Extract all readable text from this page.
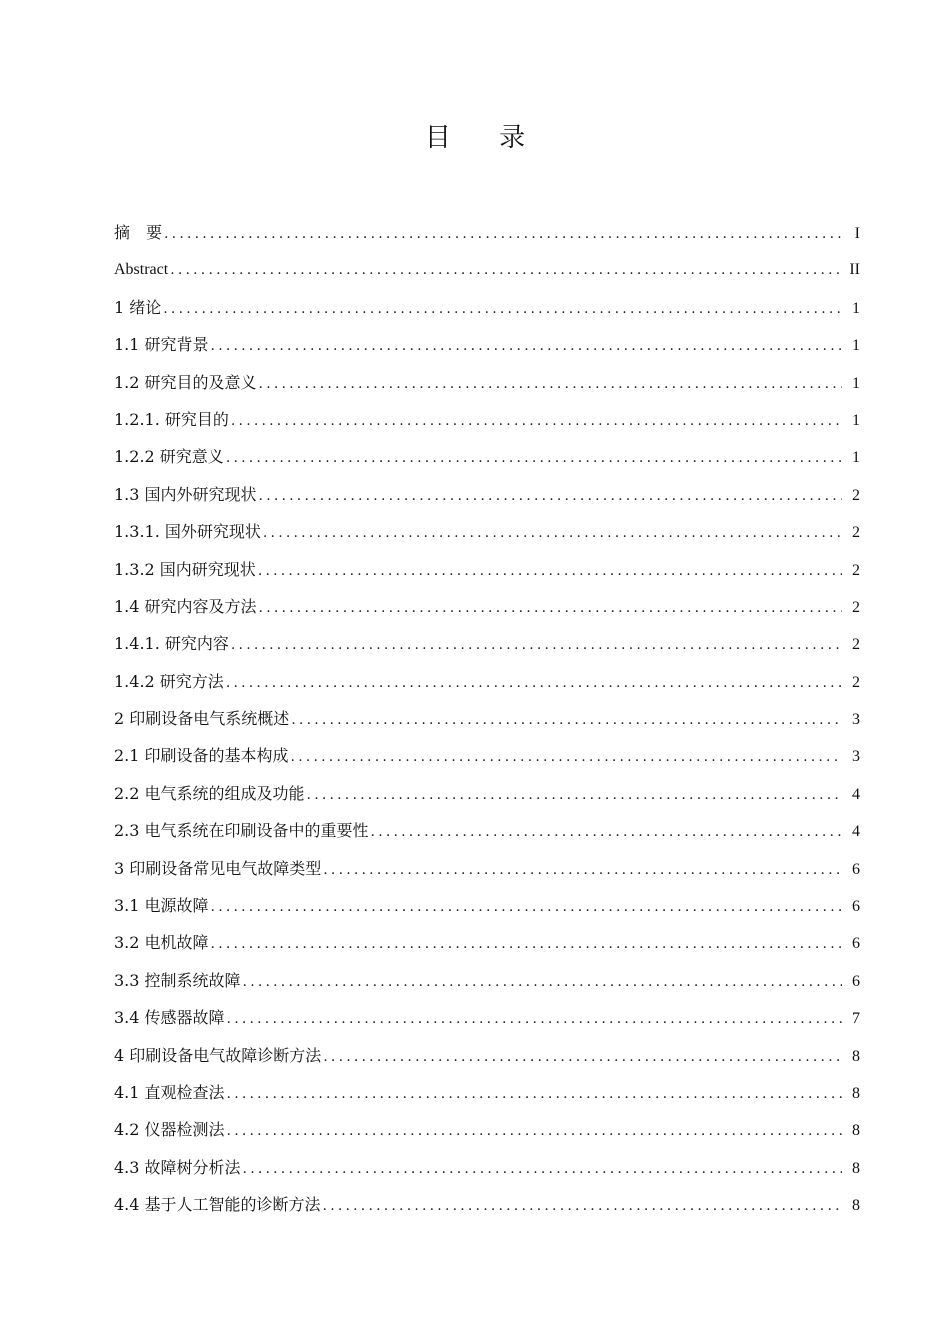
目 录
摘　要 .....	I
Abstract .....	II
1 绪论 .....	1
1.1 研究背景 .....	1
1.2 研究目的及意义 .....	1
1.2.1. 研究目的 .....	1
1.2.2 研究意义 .....	1
1.3 国内外研究现状 .....	2
1.3.1. 国外研究现状 .....	2
1.3.2 国内研究现状 .....	2
1.4 研究内容及方法 .....	2
1.4.1. 研究内容 .....	2
1.4.2 研究方法 .....	2
2 印刷设备电气系统概述 .....	3
2.1 印刷设备的基本构成 .....	3
2.2 电气系统的组成及功能 .....	4
2.3 电气系统在印刷设备中的重要性 .....	4
3 印刷设备常见电气故障类型 .....	6
3.1 电源故障 .....	6
3.2 电机故障 .....	6
3.3 控制系统故障 .....	6
3.4 传感器故障 .....	7
4 印刷设备电气故障诊断方法 .....	8
4.1 直观检查法 .....	8
4.2 仪器检测法 .....	8
4.3 故障树分析法 .....	8
4.4 基于人工智能的诊断方法 .....	8
